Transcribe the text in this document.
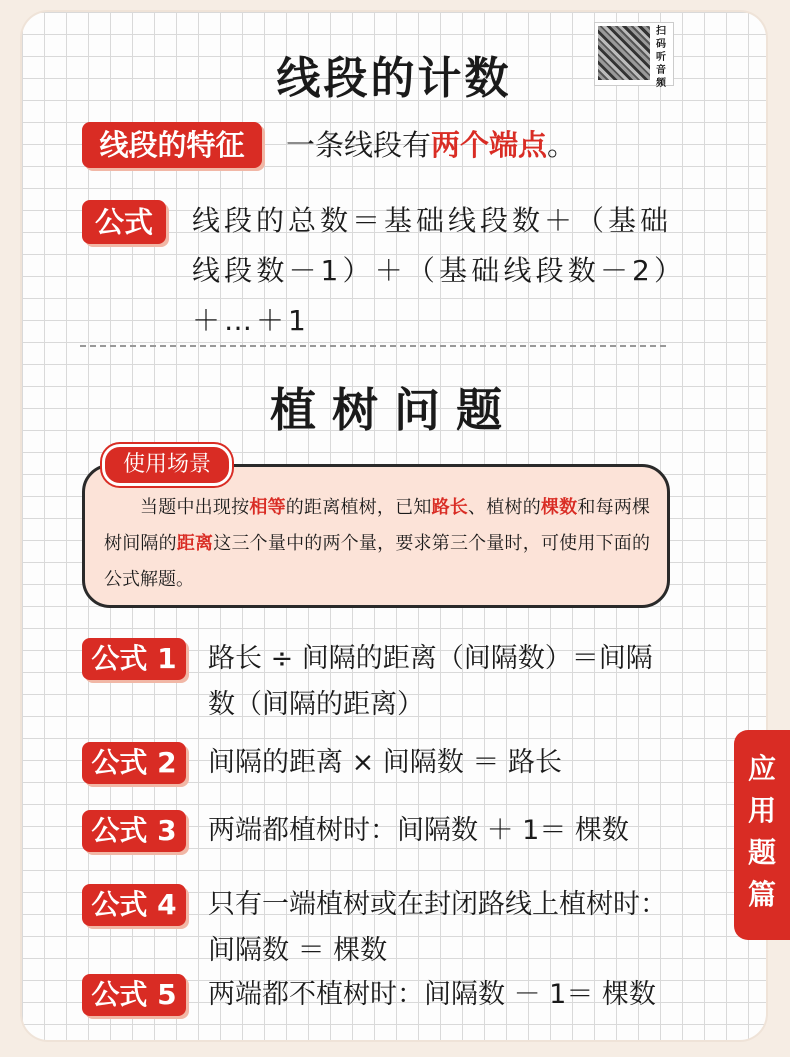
扫
码
听
音
频
线段的计数
线段的特征	一条线段有两个端点。
公式	线段的总数＝基础线段数＋（基础线段数－1）＋（基础线段数－2）＋…＋1
植树问题
使用场景
当题中出现按相等的距离植树，已知路长、植树的棵数和每两棵树间隔的距离这三个量中的两个量，要求第三个量时，可使用下面的公式解题。
公式 1	路长 ÷ 间隔的距离（间隔数）＝间隔数（间隔的距离）
公式 2	间隔的距离 × 间隔数 ＝ 路长
公式 3	两端都植树时：间隔数 ＋ 1＝ 棵数
公式 4	只有一端植树或在封闭路线上植树时：间隔数 ＝ 棵数
公式 5	两端都不植树时：间隔数 － 1＝ 棵数
应用题篇
